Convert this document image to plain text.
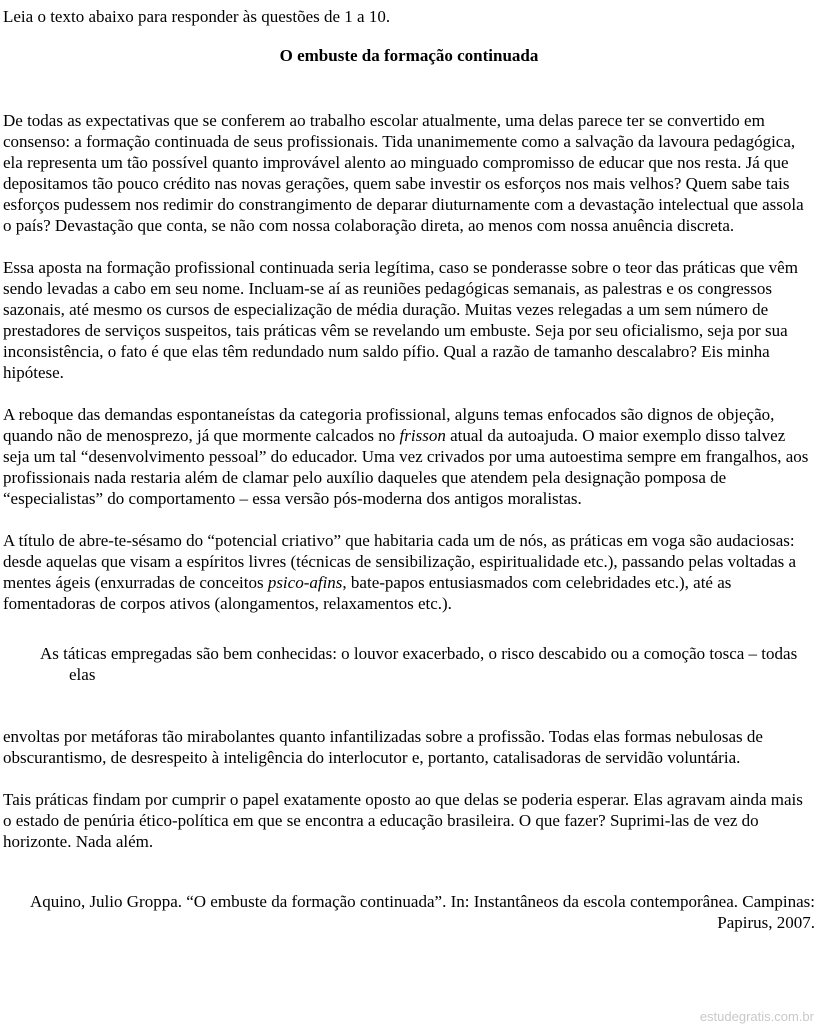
Leia o texto abaixo para responder às questões de 1 a 10.

O embuste da formação continuada

De todas as expectativas que se conferem ao trabalho escolar atualmente, uma delas parece ter se convertido em consenso: a formação continuada de seus profissionais. Tida unanimemente como a salvação da lavoura pedagógica, ela representa um tão possível quanto improvável alento ao minguado compromisso de educar que nos resta. Já que depositamos tão pouco crédito nas novas gerações, quem sabe investir os esforços nos mais velhos? Quem sabe tais esforços pudessem nos redimir do constrangimento de deparar diuturnamente com a devastação intelectual que assola o país? Devastação que conta, se não com nossa colaboração direta, ao menos com nossa anuência discreta.

Essa aposta na formação profissional continuada seria legítima, caso se ponderasse sobre o teor das práticas que vêm sendo levadas a cabo em seu nome. Incluam-se aí as reuniões pedagógicas semanais, as palestras e os congressos sazonais, até mesmo os cursos de especialização de média duração. Muitas vezes relegadas a um sem número de prestadores de serviços suspeitos, tais práticas vêm se revelando um embuste. Seja por seu oficialismo, seja por sua inconsistência, o fato é que elas têm redundado num saldo pífio. Qual a razão de tamanho descalabro? Eis minha hipótese.

A reboque das demandas espontaneístas da categoria profissional, alguns temas enfocados são dignos de objeção, quando não de menosprezo, já que mormente calcados no frisson atual da autoajuda. O maior exemplo disso talvez seja um tal “desenvolvimento pessoal” do educador. Uma vez crivados por uma autoestima sempre em frangalhos, aos profissionais nada restaria além de clamar pelo auxílio daqueles que atendem pela designação pomposa de “especialistas” do comportamento – essa versão pós-moderna dos antigos moralistas.

A título de abre-te-sésamo do “potencial criativo” que habitaria cada um de nós, as práticas em voga são audaciosas: desde aquelas que visam a espíritos livres (técnicas de sensibilização, espiritualidade etc.), passando pelas voltadas a mentes ágeis (enxurradas de conceitos psico-afins, bate-papos entusiasmados com celebridades etc.), até as fomentadoras de corpos ativos (alongamentos, relaxamentos etc.).

As táticas empregadas são bem conhecidas: o louvor exacerbado, o risco descabido ou a comoção tosca – todas elas

envoltas por metáforas tão mirabolantes quanto infantilizadas sobre a profissão. Todas elas formas nebulosas de obscurantismo, de desrespeito à inteligência do interlocutor e, portanto, catalisadoras de servidão voluntária.

Tais práticas findam por cumprir o papel exatamente oposto ao que delas se poderia esperar. Elas agravam ainda mais o estado de penúria ético-política em que se encontra a educação brasileira. O que fazer? Suprimi-las de vez do horizonte. Nada além.

Aquino, Julio Groppa. “O embuste da formação continuada”. In: Instantâneos da escola contemporânea. Campinas: Papirus, 2007.

estudegratis.com.br
